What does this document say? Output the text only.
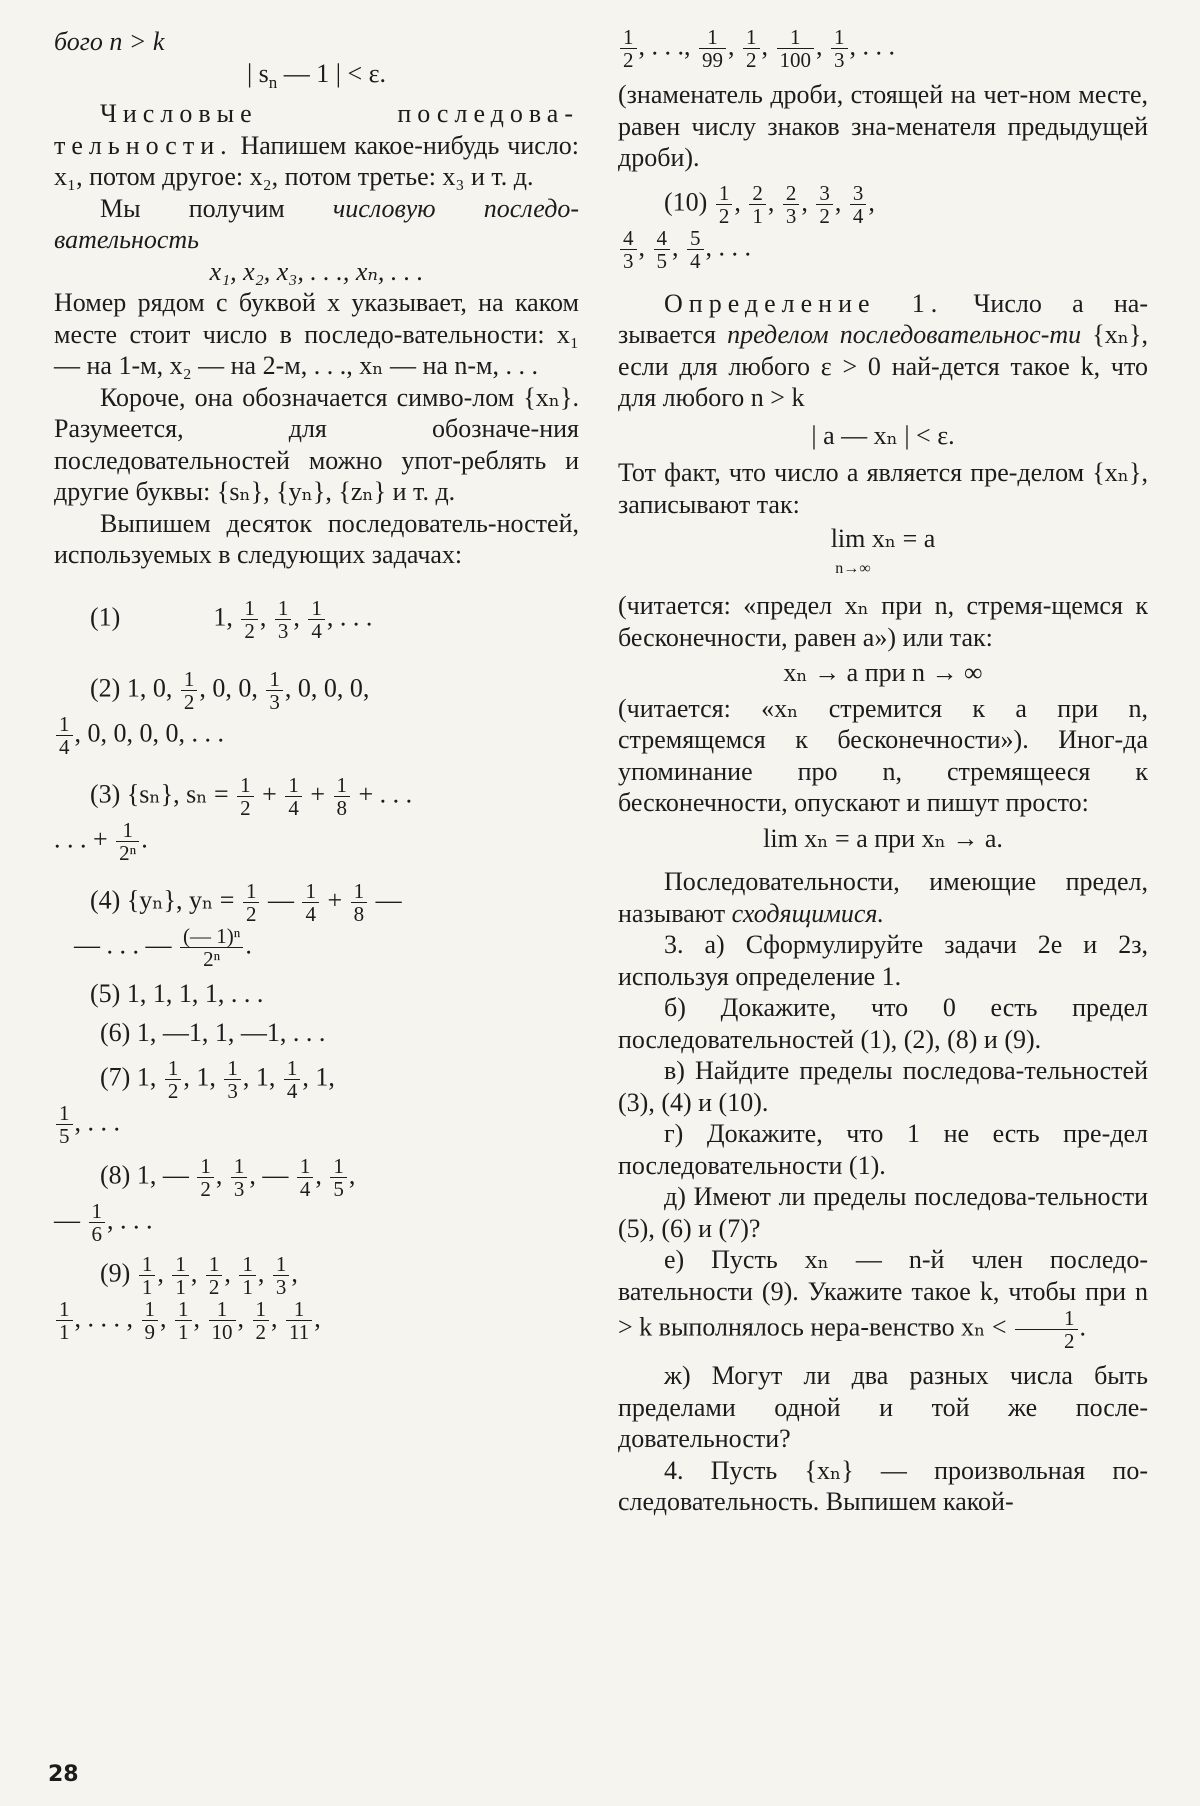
бого n > k
| $s_n$ — 1 | < ε.
Числовые последова-тельности. Напишем какое-нибудь число: x₁, потом другое: x₂, потом третье: x₃ и т. д.
Мы получим числовую последо-вательность
x₁, x₂, x₃, . . ., xₙ, . . .
Номер рядом с буквой x указывает, на каком месте стоит число в последо-вательности: x₁ — на 1-м, x₂ — на 2-м, . . ., xₙ — на n-м, . . .
Короче, она обозначается симво-лом {xₙ}. Разумеется, для обозначе-ния последовательностей можно упот-реблять и другие буквы: {sₙ}, {yₙ}, {zₙ} и т. д.
Выпишем десяток последователь-ностей, используемых в следующих задачах:
(1)	1, $\frac{1}{2}$ , $\frac{1}{3}$ , $\frac{1}{4}$ , . . .
(2) 1, 0, $\frac{1}{2}$ , 0, 0, $\frac{1}{3}$ , 0, 0, 0,
$\frac{1}{4}$ , 0, 0, 0, 0, . . .
(3) {sₙ}, $s_n = \frac{1}{2} + \frac{1}{4} + \frac{1}{8}$ + . . .
. . . + $\frac{1}{\text{2ⁿ}}$ .
(4) {yₙ}, $y_n = \frac{1}{2}$ — $\frac{1}{4} + \frac{1}{8}$ —
— . . . — $\frac{\text{(— 1)ⁿ}}{\text{2ⁿ}}$ .
(5) 1, 1, 1, 1, . . .
(6) 1, —1, 1, —1, . . .
(7) 1, $\frac{1}{2}$ , 1, $\frac{1}{3}$ , 1, $\frac{1}{4}$ , 1,
$\frac{1}{5}$ , . . .
(8) 1, — $\frac{1}{2}$ , $\frac{1}{3}$ , — $\frac{1}{4}$ , $\frac{1}{5}$ ,
— $\frac{1}{6}$ , . . .
$(9) \frac{1}{1}$ , $\frac{1}{1}$ , $\frac{1}{2}$ , $\frac{1}{1}$ , $\frac{1}{3}$ ,
$\frac{1}{1}$ , . . . , $\frac{1}{9}$ , $\frac{1}{1}$ , $\frac{1}{10}$ , $\frac{1}{2}$ , $\frac{1}{11}$ ,
$\frac{1}{2}$ , . . ., $\frac{1}{99}$ , $\frac{1}{2}$ , $\frac{1}{100}$ , $\frac{1}{3}$ , . . .
(знаменатель дроби, стоящей на чет-ном месте, равен числу знаков зна-менателя предыдущей дроби).
$(10) \frac{1}{2}$ , $\frac{2}{1}$ , $\frac{2}{3}$ , $\frac{3}{2}$ , $\frac{3}{4}$ ,
$\frac{4}{3}$ , $\frac{4}{5}$ , $\frac{5}{4}$ , . . .
Определение 1. Число a на-зывается пределом последовательнос-ти {xₙ}, если для любого ε > 0 най-дется такое k, что для любого n > k
| a — xₙ | < ε.
Тот факт, что число a является пре-делом {xₙ}, записывают так:
lim xₙ = a
n→∞
(читается: «предел xₙ при n, стремя-щемся к бесконечности, равен a») или так:
xₙ → a при n → ∞
(читается: «xₙ стремится к a при n, стремящемся к бесконечности»). Иног-да упоминание про n, стремящееся к бесконечности, опускают и пишут просто:
lim xₙ = a при xₙ → a.
Последовательности, имеющие предел, называют сходящимися.
3. а) Сформулируйте задачи 2е и 2з, используя определение 1.
б) Докажите, что 0 есть предел последовательностей (1), (2), (8) и (9).
в) Найдите пределы последова-тельностей (3), (4) и (10).
г) Докажите, что 1 не есть пре-дел последовательности (1).
д) Имеют ли пределы последова-тельности (5), (6) и (7)?
е) Пусть xₙ — n-й член последо-вательности (9). Укажите такое k, чтобы при n > k выполнялось нера-венство $x_n < \frac{1}{2}$ .
ж) Могут ли два разных числа быть пределами одной и той же после-довательности?
4. Пусть {xₙ} — произвольная по-следовательность. Выпишем какой-
28
